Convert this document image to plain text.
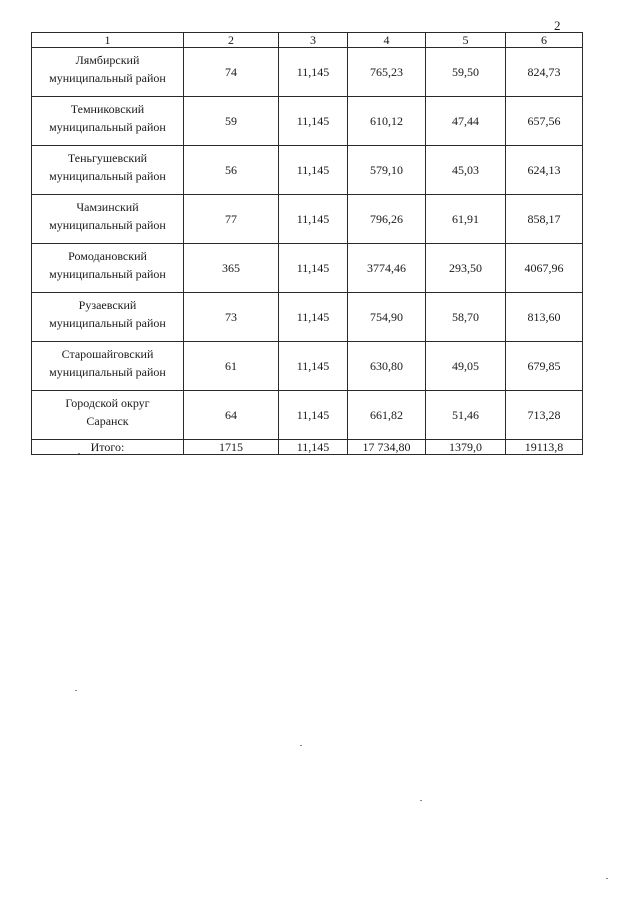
2
1	2	3	4	5	6

Лямбирский
муниципальный район	74	11,145	765,23	59,50	824,73

Темниковский
муниципальный район	59	11,145	610,12	47,44	657,56

Теньгушевский
муниципальный район	56	11,145	579,10	45,03	624,13

Чамзинский
муниципальный район	77	11,145	796,26	61,91	858,17

Ромодановский
муниципальный район	365	11,145	3774,46	293,50	4067,96

Рузаевский
муниципальный район	73	11,145	754,90	58,70	813,60

Старошайговский
муниципальный район	61	11,145	630,80	49,05	679,85

Городской округ
Саранск	64	11,145	661,82	51,46	713,28
Итого:	1715	11,145	17 734,80	1379,0	19113,8
